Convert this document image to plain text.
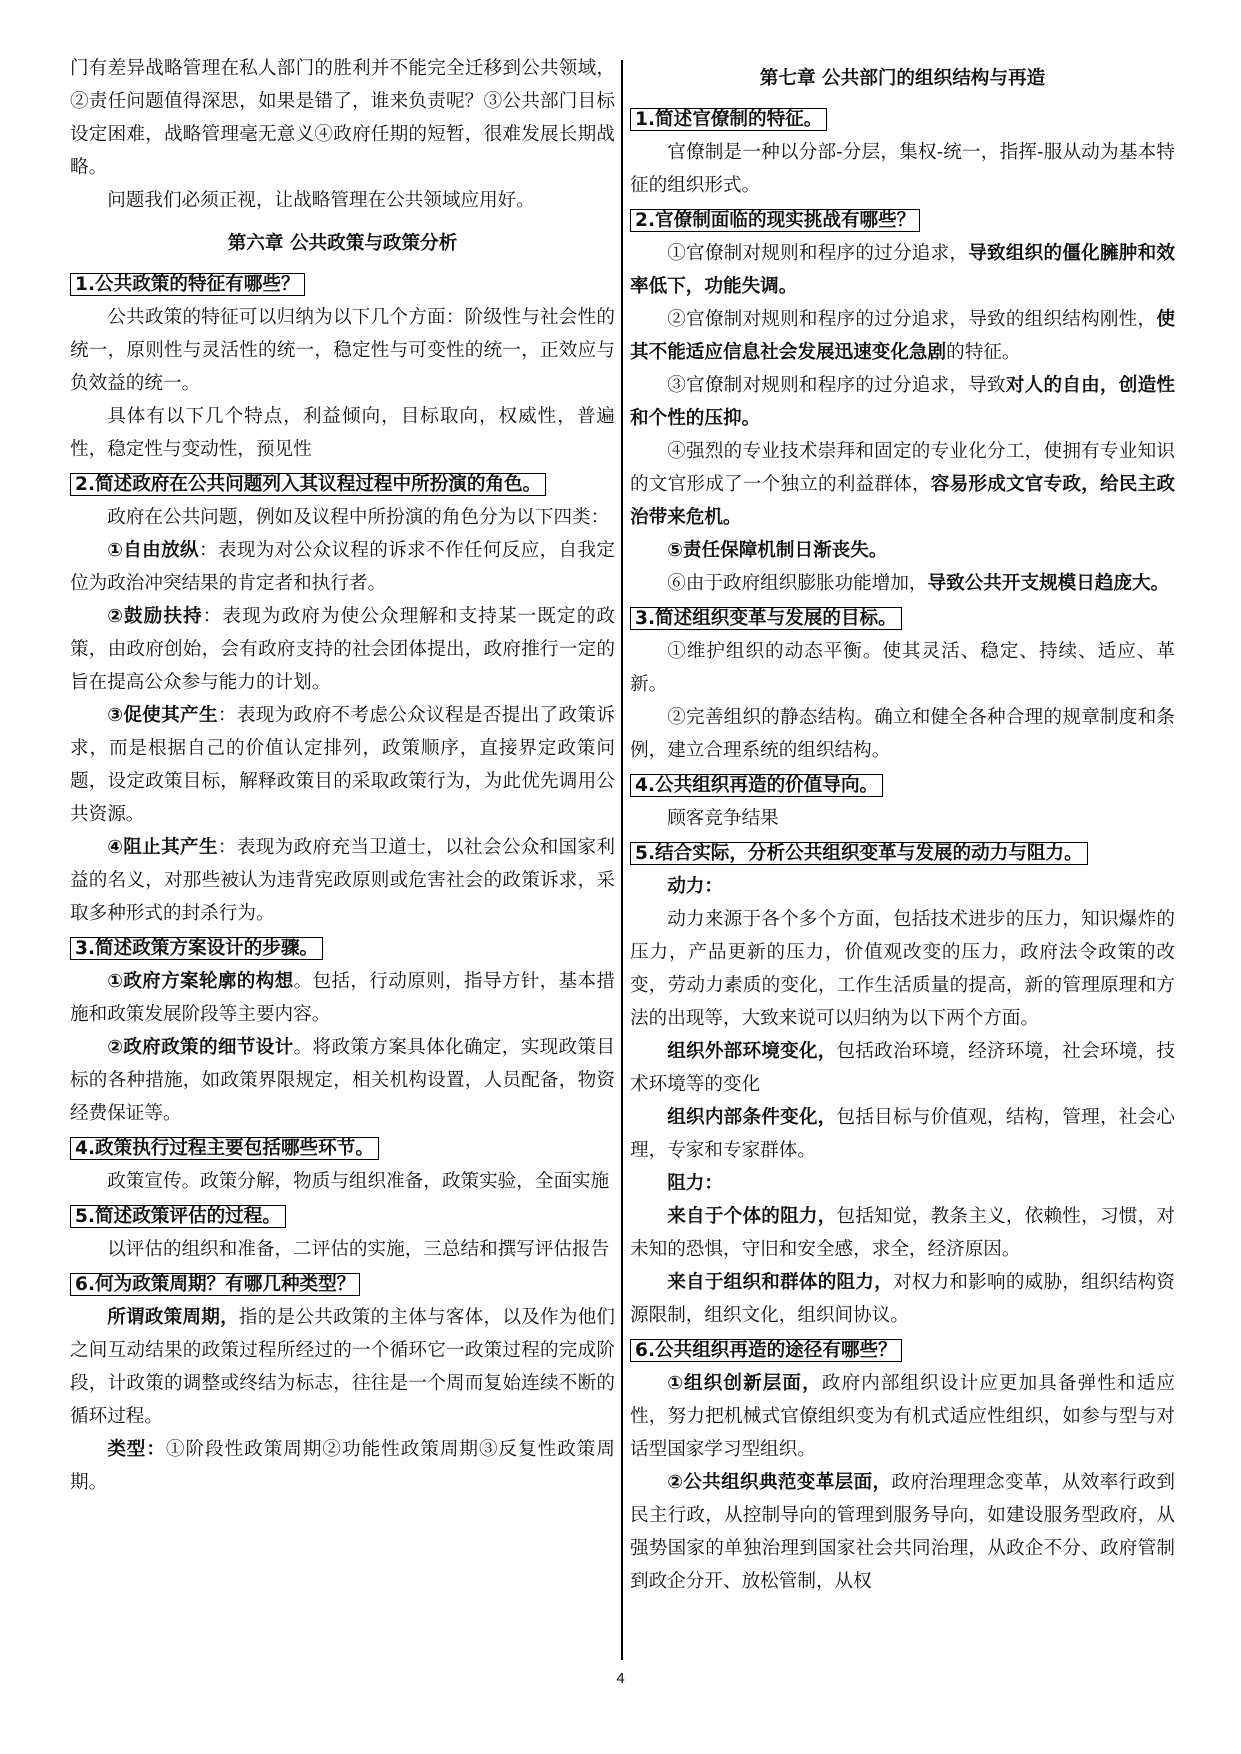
门有差异战略管理在私人部门的胜利并不能完全迁移到公共领域，②责任问题值得深思，如果是错了，谁来负责呢？③公共部门目标设定困难，战略管理毫无意义④政府任期的短暂，很难发展长期战略。

问题我们必须正视，让战略管理在公共领域应用好。

第六章 公共政策与政策分析

1.公共政策的特征有哪些？

公共政策的特征可以归纳为以下几个方面：阶级性与社会性的统一，原则性与灵活性的统一，稳定性与可变性的统一，正效应与负效益的统一。

具体有以下几个特点，利益倾向，目标取向，权威性，普遍性，稳定性与变动性，预见性

2.简述政府在公共问题列入其议程过程中所扮演的角色。

政府在公共问题，例如及议程中所扮演的角色分为以下四类：

①自由放纵：表现为对公众议程的诉求不作任何反应，自我定位为政治冲突结果的肯定者和执行者。

②鼓励扶持：表现为政府为使公众理解和支持某一既定的政策，由政府创始，会有政府支持的社会团体提出，政府推行一定的旨在提高公众参与能力的计划。

③促使其产生：表现为政府不考虑公众议程是否提出了政策诉求，而是根据自己的价值认定排列，政策顺序，直接界定政策问题，设定政策目标，解释政策目的采取政策行为，为此优先调用公共资源。

④阻止其产生：表现为政府充当卫道士，以社会公众和国家利益的名义，对那些被认为违背宪政原则或危害社会的政策诉求，采取多种形式的封杀行为。

3.简述政策方案设计的步骤。

①政府方案轮廓的构想。包括，行动原则，指导方针，基本措施和政策发展阶段等主要内容。

②政府政策的细节设计。将政策方案具体化确定，实现政策目标的各种措施，如政策界限规定，相关机构设置，人员配备，物资经费保证等。

4.政策执行过程主要包括哪些环节。

政策宣传。政策分解，物质与组织准备，政策实验，全面实施

5.简述政策评估的过程。

以评估的组织和准备，二评估的实施，三总结和撰写评估报告

6.何为政策周期？有哪几种类型？

所谓政策周期，指的是公共政策的主体与客体，以及作为他们之间互动结果的政策过程所经过的一个循环它一政策过程的完成阶段，计政策的调整或终结为标志，往往是一个周而复始连续不断的循环过程。

类型：①阶段性政策周期②功能性政策周期③反复性政策周期。

第七章 公共部门的组织结构与再造

1.简述官僚制的特征。

官僚制是一种以分部-分层，集权-统一，指挥-服从动为基本特征的组织形式。

2.官僚制面临的现实挑战有哪些？

①官僚制对规则和程序的过分追求，导致组织的僵化臃肿和效率低下，功能失调。

②官僚制对规则和程序的过分追求，导致的组织结构刚性，使其不能适应信息社会发展迅速变化急剧的特征。

③官僚制对规则和程序的过分追求，导致对人的自由，创造性和个性的压抑。

④强烈的专业技术崇拜和固定的专业化分工，使拥有专业知识的文官形成了一个独立的利益群体，容易形成文官专政，给民主政治带来危机。

⑤责任保障机制日渐丧失。

⑥由于政府组织膨胀功能增加，导致公共开支规模日趋庞大。

3.简述组织变革与发展的目标。

①维护组织的动态平衡。使其灵活、稳定、持续、适应、革新。

②完善组织的静态结构。确立和健全各种合理的规章制度和条例，建立合理系统的组织结构。

4.公共组织再造的价值导向。

顾客竞争结果

5.结合实际，分析公共组织变革与发展的动力与阻力。

动力：

动力来源于各个多个方面，包括技术进步的压力，知识爆炸的压力，产品更新的压力，价值观改变的压力，政府法令政策的改变，劳动力素质的变化，工作生活质量的提高，新的管理原理和方法的出现等，大致来说可以归纳为以下两个方面。

组织外部环境变化，包括政治环境，经济环境，社会环境，技术环境等的变化

组织内部条件变化，包括目标与价值观，结构，管理，社会心理，专家和专家群体。

阻力：

来自于个体的阻力，包括知觉，教条主义，依赖性，习惯，对未知的恐惧，守旧和安全感，求全，经济原因。

来自于组织和群体的阻力，对权力和影响的威胁，组织结构资源限制，组织文化，组织间协议。

6.公共组织再造的途径有哪些？

①组织创新层面，政府内部组织设计应更加具备弹性和适应性，努力把机械式官僚组织变为有机式适应性组织，如参与型与对话型国家学习型组织。

②公共组织典范变革层面，政府治理理念变革，从效率行政到民主行政，从控制导向的管理到服务导向，如建设服务型政府，从强势国家的单独治理到国家社会共同治理，从政企不分、政府管制到政企分开、放松管制，从权

4
